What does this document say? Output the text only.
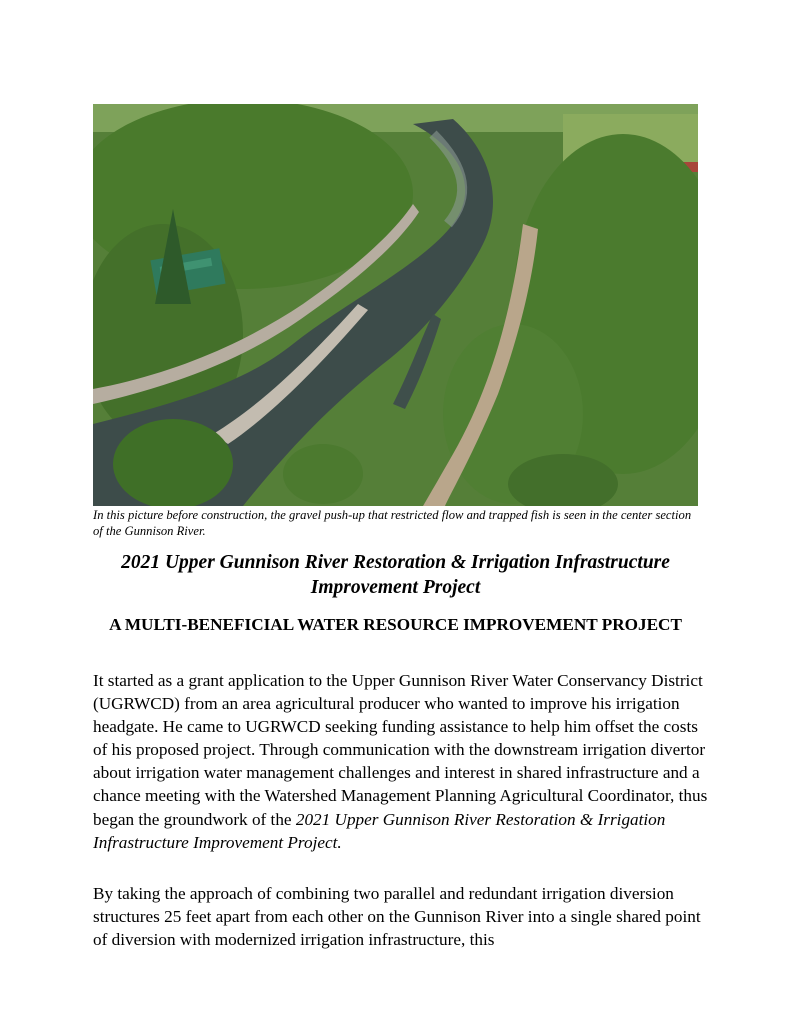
In this picture before construction, the gravel push-up that restricted flow and trapped fish is seen in the center section of the Gunnison River.

2021 Upper Gunnison River Restoration & Irrigation Infrastructure Improvement Project
A MULTI-BENEFICIAL WATER RESOURCE IMPROVEMENT PROJECT

It started as a grant application to the Upper Gunnison River Water Conservancy District (UGRWCD) from an area agricultural producer who wanted to improve his irrigation headgate. He came to UGRWCD seeking funding assistance to help him offset the costs of his proposed project. Through communication with the downstream irrigation divertor about irrigation water management challenges and interest in shared infrastructure and a chance meeting with the Watershed Management Planning Agricultural Coordinator, thus began the groundwork of the 2021 Upper Gunnison River Restoration & Irrigation Infrastructure Improvement Project.

By taking the approach of combining two parallel and redundant irrigation diversion structures 25 feet apart from each other on the Gunnison River into a single shared point of diversion with modernized irrigation infrastructure, this
